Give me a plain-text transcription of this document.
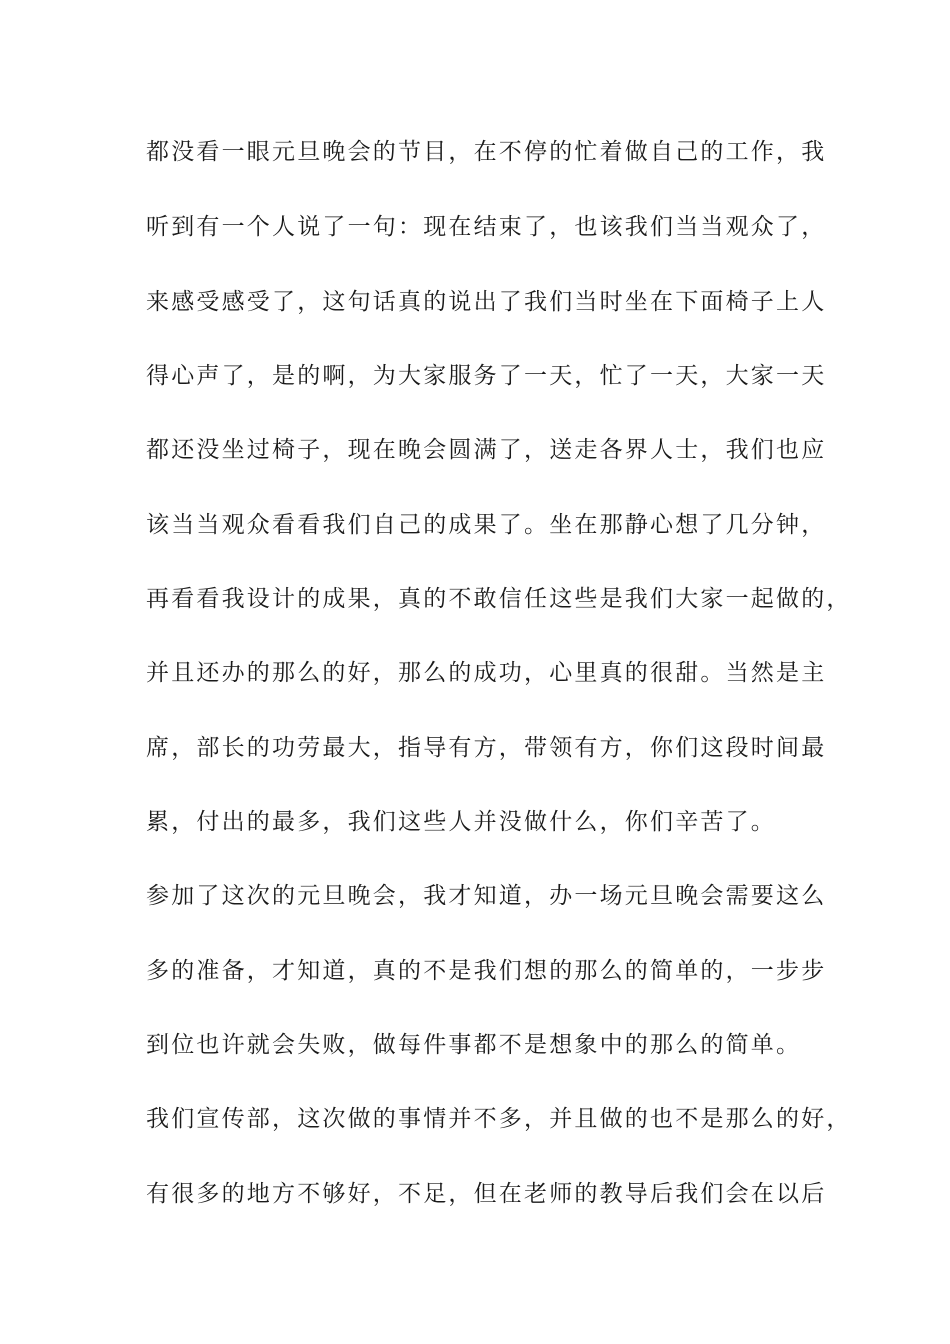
都没看一眼元旦晚会的节目，在不停的忙着做自己的工作，我
听到有一个人说了一句：现在结束了，也该我们当当观众了，
来感受感受了，这句话真的说出了我们当时坐在下面椅子上人
得心声了，是的啊，为大家服务了一天，忙了一天，大家一天
都还没坐过椅子，现在晚会圆满了，送走各界人士，我们也应
该当当观众看看我们自己的成果了。坐在那静心想了几分钟，
再看看我设计的成果，真的不敢信任这些是我们大家一起做的，
并且还办的那么的好，那么的成功，心里真的很甜。当然是主
席，部长的功劳最大，指导有方，带领有方，你们这段时间最
累，付出的最多，我们这些人并没做什么，你们辛苦了。
参加了这次的元旦晚会，我才知道，办一场元旦晚会需要这么
多的准备，才知道，真的不是我们想的那么的简单的，一步步
到位也许就会失败，做每件事都不是想象中的那么的简单。
我们宣传部，这次做的事情并不多，并且做的也不是那么的好，
有很多的地方不够好，不足，但在老师的教导后我们会在以后
